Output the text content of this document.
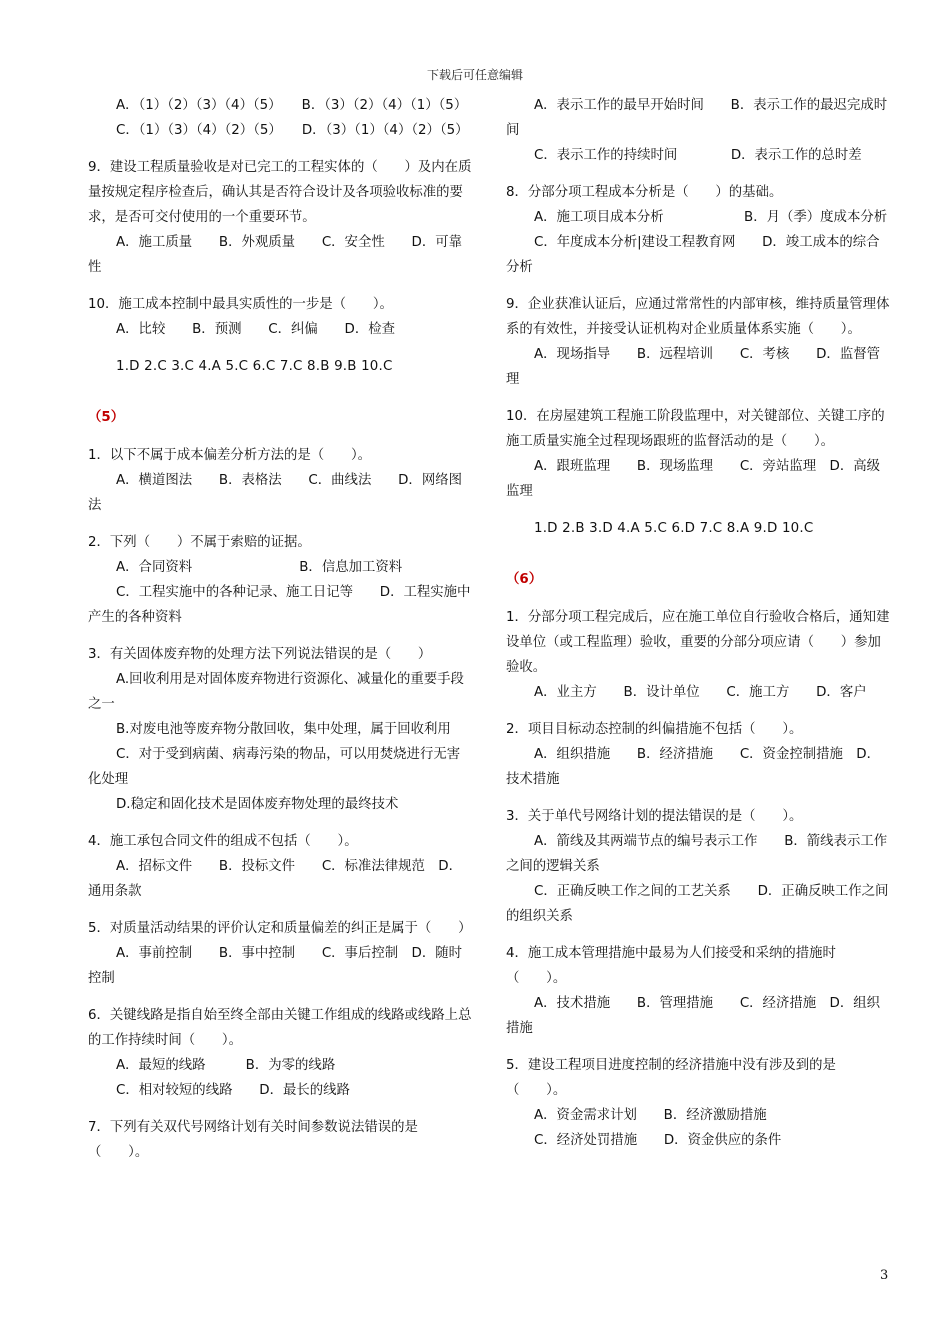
下载后可任意编辑

A．（1）（2）（3）（4）（5）　　B．（3）（2）（4）（1）（5）

C．（1）（3）（4）（2）（5）　　D．（3）（1）（4）（2）（5）

9．建设工程质量验收是对已完工的工程实体的（　　）及内在质量按规定程序检查后，确认其是否符合设计及各项验收标准的要求，是否可交付使用的一个重要环节。

A．施工质量　　B．外观质量　　C．安全性　　D．可靠性

10．施工成本控制中最具实质性的一步是（　　）。

A．比较　　B．预测　　C．纠偏　　D．检查

1.D 2.C 3.C 4.A 5.C 6.C 7.C 8.B 9.B 10.C

（5）

1．以下不属于成本偏差分析方法的是（　　）。

A．横道图法　　B．表格法　　C．曲线法　　D．网络图法

2．下列（　　）不属于索赔的证据。

A．合同资料　　　　　　　　B．信息加工资料

C．工程实施中的各种记录、施工日记等　　D．工程实施中产生的各种资料

3．有关固体废弃物的处理方法下列说法错误的是（　　）

A.回收利用是对固体废弃物进行资源化、减量化的重要手段之一

B.对废电池等废弃物分散回收，集中处理，属于回收利用

C．对于受到病菌、病毒污染的物品，可以用焚烧进行无害化处理

D.稳定和固化技术是固体废弃物处理的最终技术

4．施工承包合同文件的组成不包括（　　）。

A．招标文件　　B．投标文件　　C．标准法律规范　D．通用条款

5．对质量活动结果的评价认定和质量偏差的纠正是属于（　　）

A．事前控制　　B．事中控制　　C．事后控制　D．随时控制

6．关键线路是指自始至终全部由关键工作组成的线路或线路上总的工作持续时间（　　）。

A．最短的线路　　　B．为零的线路

C．相对较短的线路　　D．最长的线路

7．下列有关双代号网络计划有关时间参数说法错误的是（　　）。

A．表示工作的最早开始时间　　B．表示工作的最迟完成时间

C．表示工作的持续时间　　　　D．表示工作的总时差

8．分部分项工程成本分析是（　　）的基础。

A．施工项目成本分析　　　　　　B．月（季）度成本分析

C．年度成本分析|建设工程教育网　　D．竣工成本的综合分析

9．企业获准认证后，应通过常常性的内部审核，维持质量管理体系的有效性，并接受认证机构对企业质量体系实施（　　）。

A．现场指导　　B．远程培训　　C．考核　　D．监督管理

10．在房屋建筑工程施工阶段监理中，对关键部位、关键工序的施工质量实施全过程现场跟班的监督活动的是（　　）。

A．跟班监理　　B．现场监理　　C．旁站监理　D．高级监理

1.D 2.B 3.D 4.A 5.C 6.D 7.C 8.A 9.D 10.C

（6）

1．分部分项工程完成后，应在施工单位自行验收合格后，通知建设单位（或工程监理）验收，重要的分部分项应请（　　）参加验收。

A．业主方　　B．设计单位　　C．施工方　　D．客户

2．项目目标动态控制的纠偏措施不包括（　　）。

A．组织措施　　B．经济措施　　C．资金控制措施　D．技术措施

3．关于单代号网络计划的提法错误的是（　　）。

A．箭线及其两端节点的编号表示工作　　B．箭线表示工作之间的逻辑关系

C．正确反映工作之间的工艺关系　　D．正确反映工作之间的组织关系

4．施工成本管理措施中最易为人们接受和采纳的措施时（　　）。

A．技术措施　　B．管理措施　　C．经济措施　D．组织措施

5．建设工程项目进度控制的经济措施中没有涉及到的是（　　）。

A．资金需求计划　　B．经济激励措施

C．经济处罚措施　　D．资金供应的条件

3
